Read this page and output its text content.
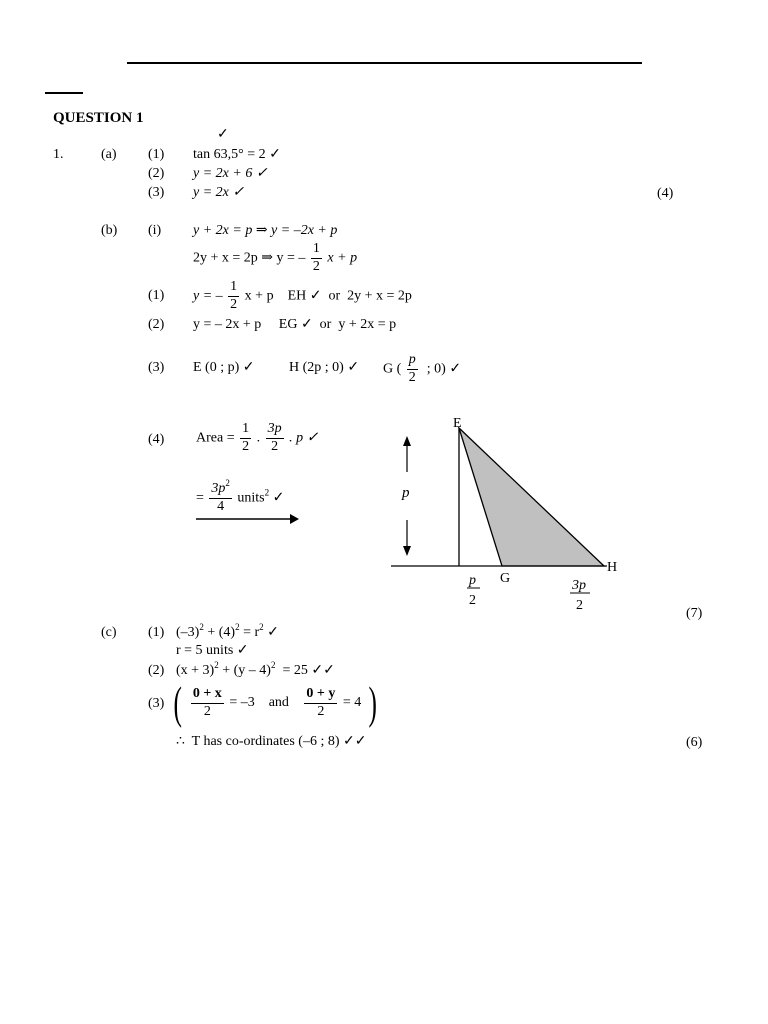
QUESTION 1
✓
1.	(a) (1) tan 63,5° = 2 ✓
(2) y = 2x + 6 ✓
(3) y = 2x ✓	(4)
(b) (i) y + 2x = p ⇒ y = –2x + p
2y + x = 2p ⇒ y = – $\frac{1}{2}$ x + p
(1) y = – $\frac{1}{2}$ x + p    EH ✓  or  2y + x = 2p
(2) y = – 2x + p     EG ✓  or  y + 2x = p
(3) E (0 ; p) ✓ H (2p ; 0) ✓ G ( $\frac{p}{2}$ ; 0) ✓
(4) Area = $\frac{1}{2}$ . $\frac{3p}{2}$ . p ✓
= $\frac{3p^2}{4}$ units$^2$ ✓	p
E
H
G
p
2
3p
2
(7)
(c) (1) $(-3)^2 + (4)^2 = r^2$ ✓
r = 5 units ✓
(2) $(x + 3)^2 + (y - 4)^2 = 25$ ✓✓
(3) ( $\frac{0 + x}{2} = -3$    and $\frac{0 + y}{2} = 4$ )
∴  T has co-ordinates (–6 ; 8) ✓✓	(6)
